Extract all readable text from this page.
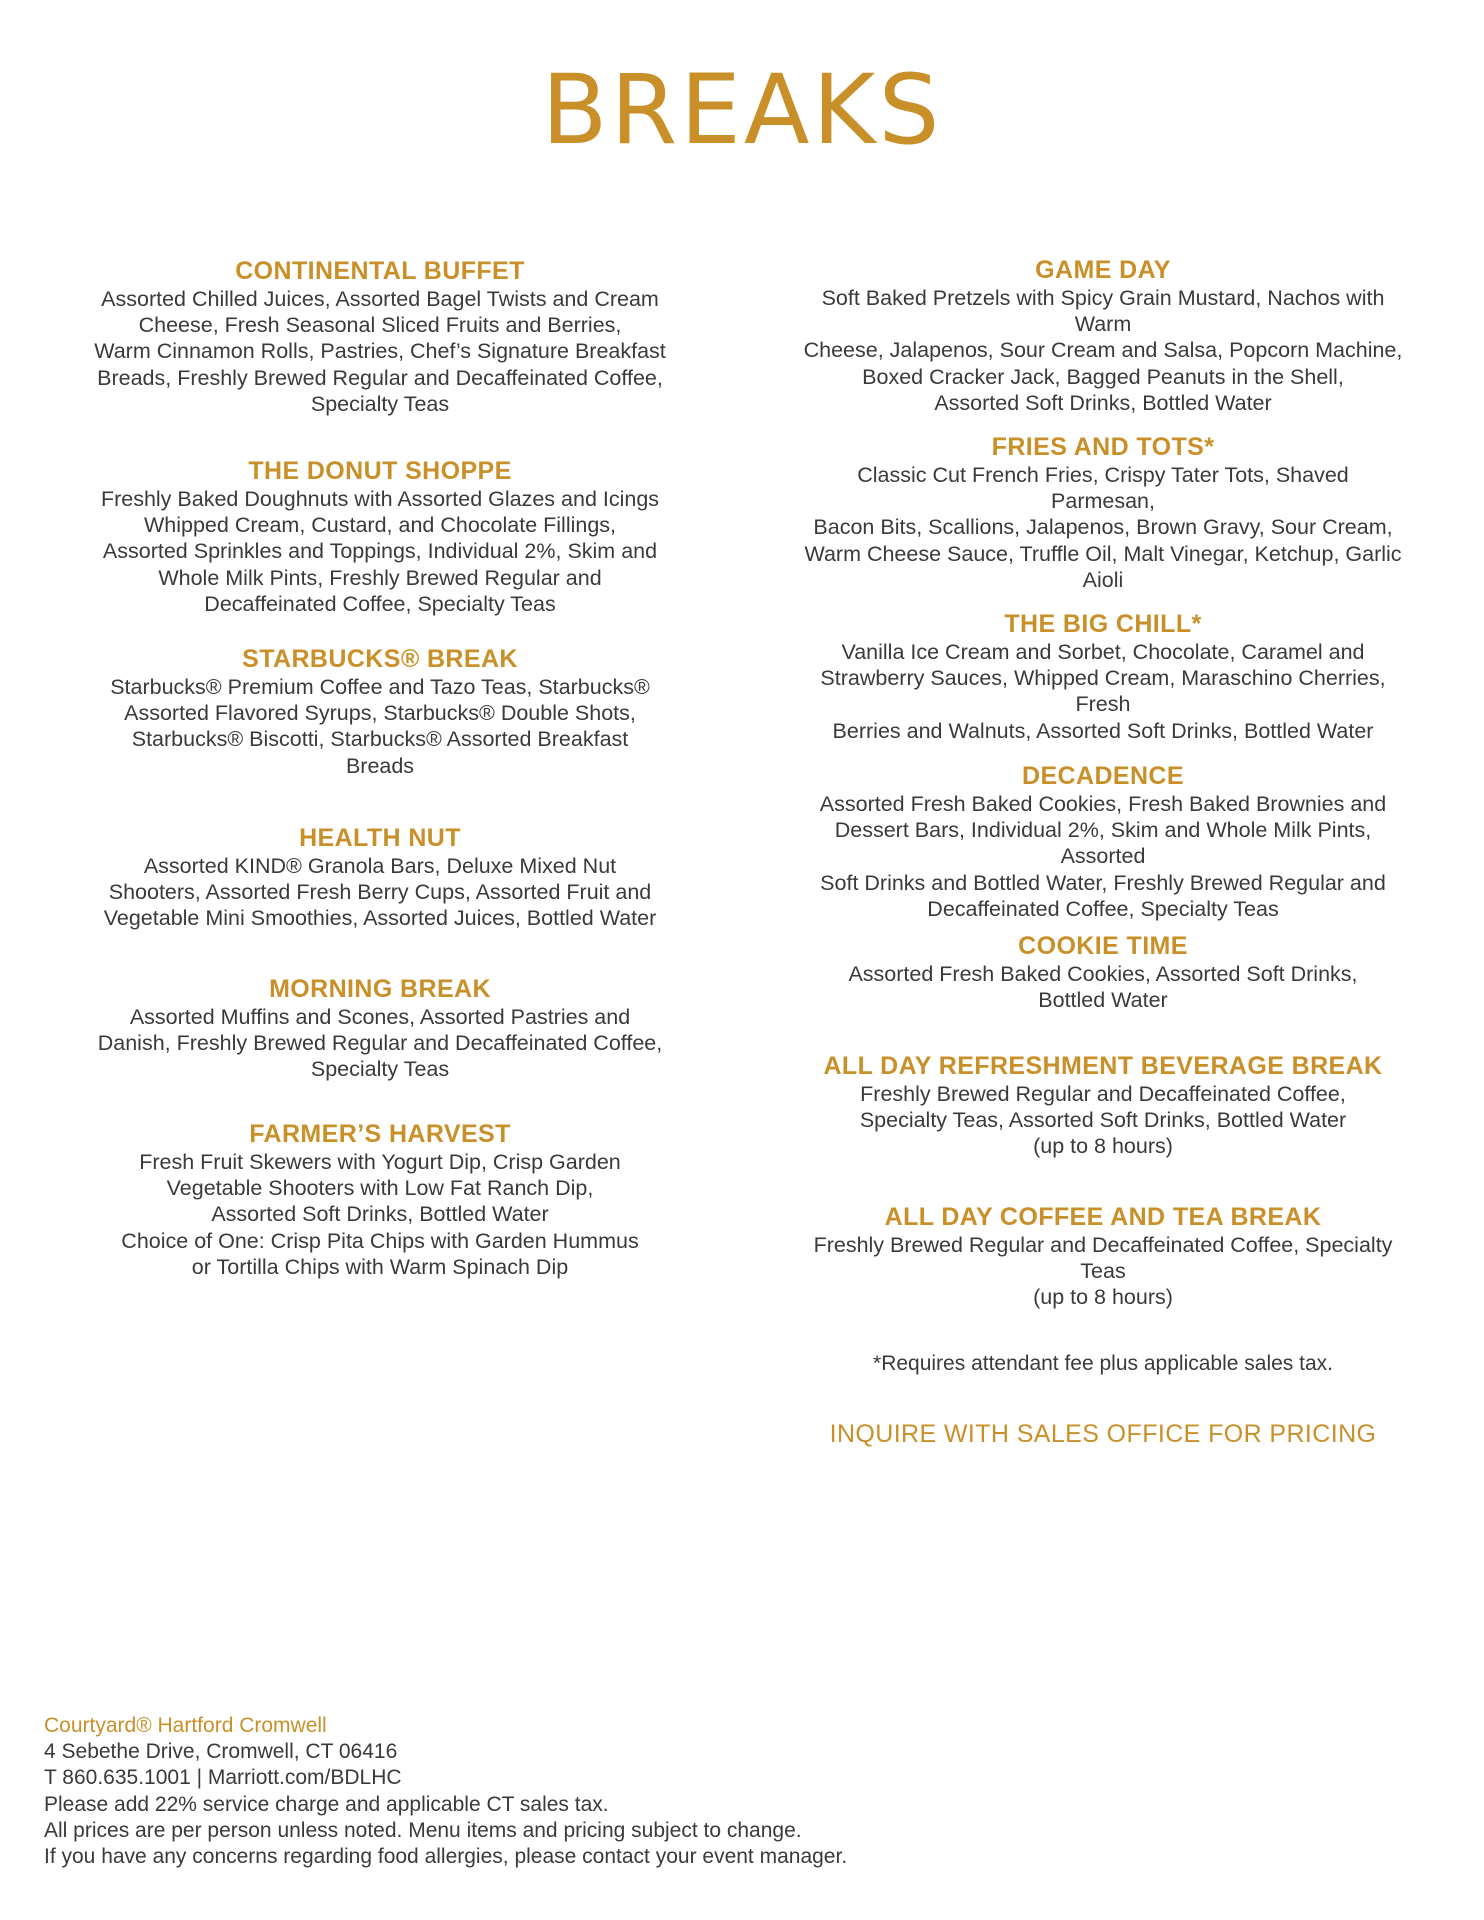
BREAKS
CONTINENTAL BUFFET

Assorted Chilled Juices, Assorted Bagel Twists and Cream
Cheese, Fresh Seasonal Sliced Fruits and Berries,
Warm Cinnamon Rolls, Pastries, Chef’s Signature Breakfast
Breads, Freshly Brewed Regular and Decaffeinated Coffee,
Specialty Teas

THE DONUT SHOPPE

Freshly Baked Doughnuts with Assorted Glazes and Icings
Whipped Cream, Custard, and Chocolate Fillings,
Assorted Sprinkles and Toppings, Individual 2%, Skim and
Whole Milk Pints, Freshly Brewed Regular and
Decaffeinated Coffee, Specialty Teas

STARBUCKS® BREAK

Starbucks® Premium Coffee and Tazo Teas, Starbucks®
Assorted Flavored Syrups, Starbucks® Double Shots,
Starbucks® Biscotti, Starbucks® Assorted Breakfast
Breads

HEALTH NUT

Assorted KIND® Granola Bars, Deluxe Mixed Nut
Shooters, Assorted Fresh Berry Cups, Assorted Fruit and
Vegetable Mini Smoothies, Assorted Juices, Bottled Water

MORNING BREAK

Assorted Muffins and Scones, Assorted Pastries and
Danish, Freshly Brewed Regular and Decaffeinated Coffee,
Specialty Teas

FARMER’S HARVEST

Fresh Fruit Skewers with Yogurt Dip, Crisp Garden
Vegetable Shooters with Low Fat Ranch Dip,
Assorted Soft Drinks, Bottled Water
Choice of One: Crisp Pita Chips with Garden Hummus
or Tortilla Chips with Warm Spinach Dip

GAME DAY

Soft Baked Pretzels with Spicy Grain Mustard, Nachos with Warm
Cheese, Jalapenos, Sour Cream and Salsa, Popcorn Machine,
Boxed Cracker Jack, Bagged Peanuts in the Shell,
Assorted Soft Drinks, Bottled Water

FRIES AND TOTS*

Classic Cut French Fries, Crispy Tater Tots, Shaved Parmesan,
Bacon Bits, Scallions, Jalapenos, Brown Gravy, Sour Cream,
Warm Cheese Sauce, Truffle Oil, Malt Vinegar, Ketchup, Garlic
Aioli

THE BIG CHILL*

Vanilla Ice Cream and Sorbet, Chocolate, Caramel and
Strawberry Sauces, Whipped Cream, Maraschino Cherries, Fresh
Berries and Walnuts, Assorted Soft Drinks, Bottled Water

DECADENCE

Assorted Fresh Baked Cookies, Fresh Baked Brownies and
Dessert Bars, Individual 2%, Skim and Whole Milk Pints, Assorted
Soft Drinks and Bottled Water, Freshly Brewed Regular and
Decaffeinated Coffee, Specialty Teas

COOKIE TIME

Assorted Fresh Baked Cookies, Assorted Soft Drinks,
Bottled Water

ALL DAY REFRESHMENT BEVERAGE BREAK

Freshly Brewed Regular and Decaffeinated Coffee,
Specialty Teas, Assorted Soft Drinks, Bottled Water
(up to 8 hours)

ALL DAY COFFEE AND TEA BREAK

Freshly Brewed Regular and Decaffeinated Coffee, Specialty Teas
(up to 8 hours)

*Requires attendant fee plus applicable sales tax.
INQUIRE WITH SALES OFFICE FOR PRICING
Courtyard® Hartford Cromwell
4 Sebethe Drive, Cromwell, CT 06416
T 860.635.1001 | Marriott.com/BDLHC
Please add 22% service charge and applicable CT sales tax.
All prices are per person unless noted. Menu items and pricing subject to change.
If you have any concerns regarding food allergies, please contact your event manager.
